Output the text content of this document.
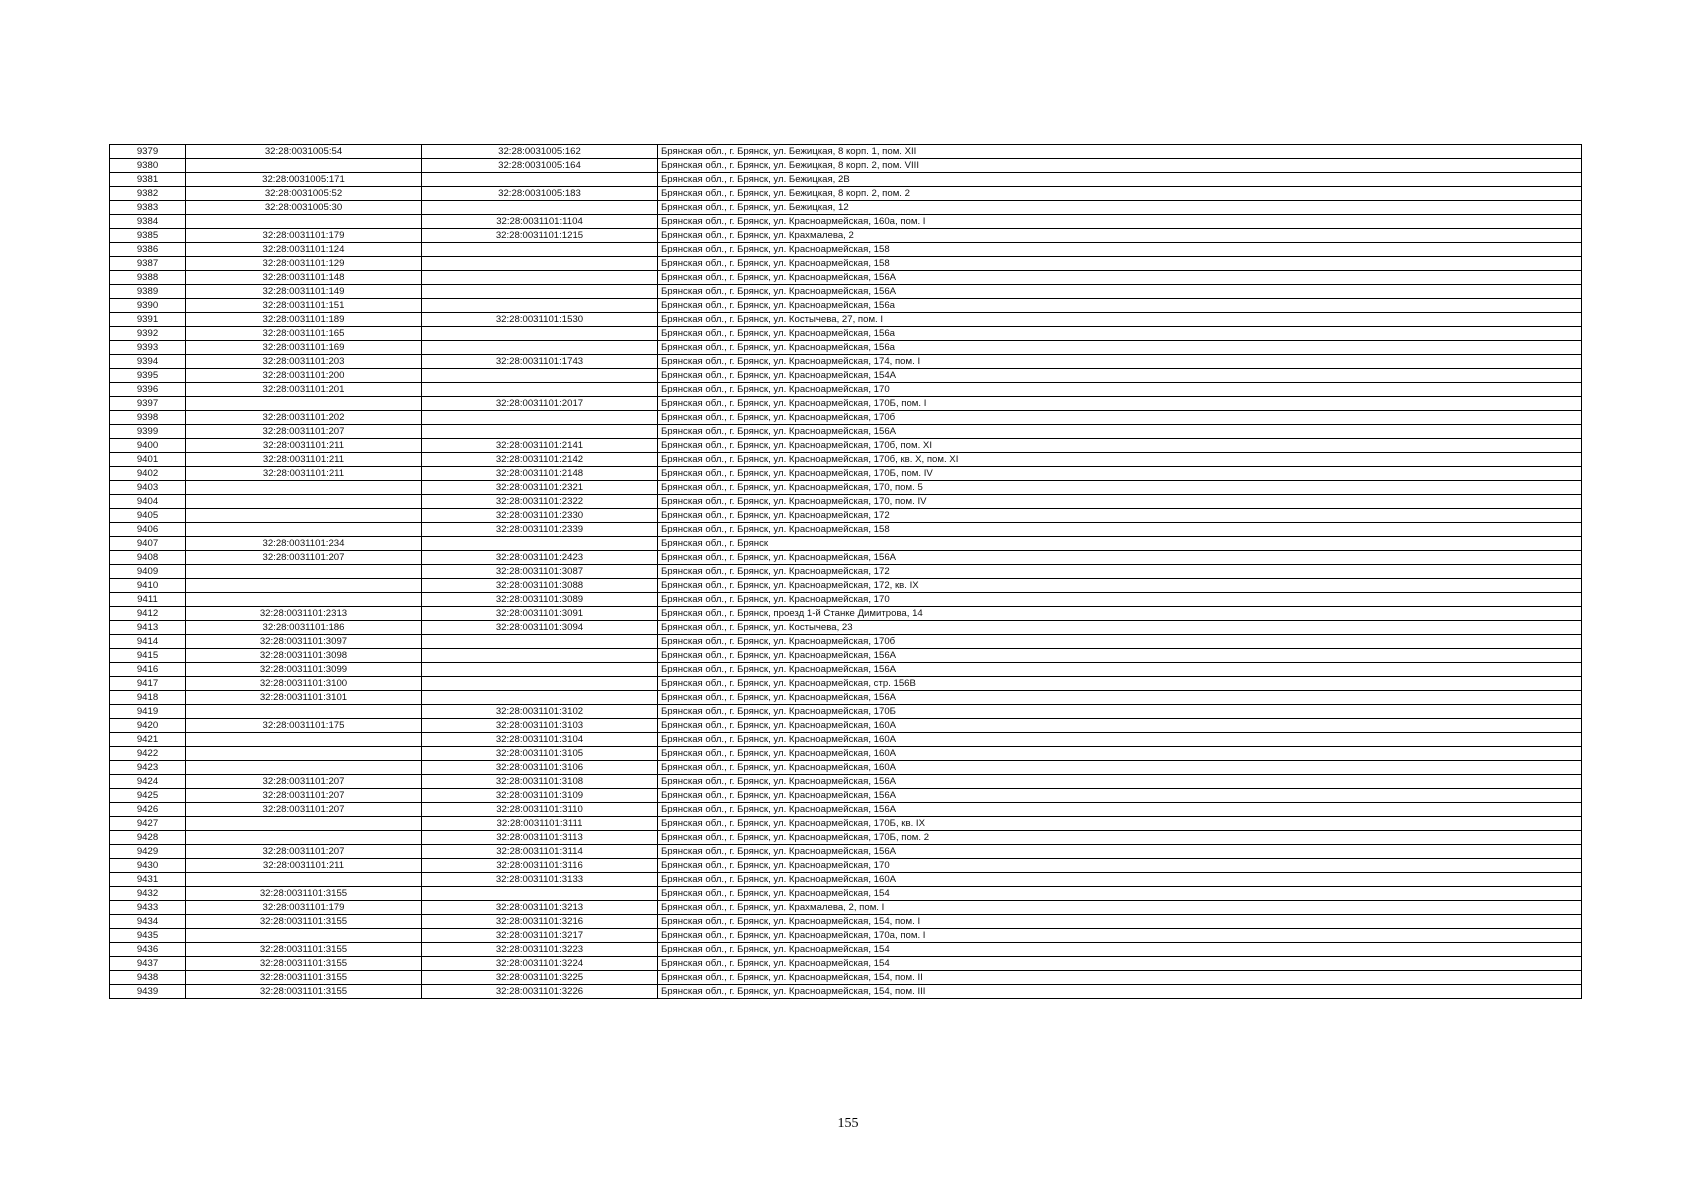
9379	32:28:0031005:54	32:28:0031005:162	Брянская обл., г. Брянск, ул. Бежицкая, 8 корп. 1, пом. XII
9380		32:28:0031005:164	Брянская обл., г. Брянск, ул. Бежицкая, 8 корп. 2, пом. VIII
9381	32:28:0031005:171		Брянская обл., г. Брянск, ул. Бежицкая, 2В
9382	32:28:0031005:52	32:28:0031005:183	Брянская обл., г. Брянск, ул. Бежицкая, 8 корп. 2, пом. 2
9383	32:28:0031005:30		Брянская обл., г. Брянск, ул. Бежицкая, 12
9384		32:28:0031101:1104	Брянская обл., г. Брянск, ул. Красноармейская, 160а, пом. I
9385	32:28:0031101:179	32:28:0031101:1215	Брянская обл., г. Брянск, ул. Крахмалева, 2
9386	32:28:0031101:124		Брянская обл., г. Брянск, ул. Красноармейская, 158
9387	32:28:0031101:129		Брянская обл., г. Брянск, ул. Красноармейская, 158
9388	32:28:0031101:148		Брянская обл., г. Брянск, ул. Красноармейская, 156А
9389	32:28:0031101:149		Брянская обл., г. Брянск, ул. Красноармейская, 156А
9390	32:28:0031101:151		Брянская обл., г. Брянск, ул. Красноармейская, 156а
9391	32:28:0031101:189	32:28:0031101:1530	Брянская обл., г. Брянск, ул. Костычева, 27, пом. I
9392	32:28:0031101:165		Брянская обл., г. Брянск, ул. Красноармейская, 156а
9393	32:28:0031101:169		Брянская обл., г. Брянск, ул. Красноармейская, 156а
9394	32:28:0031101:203	32:28:0031101:1743	Брянская обл., г. Брянск, ул. Красноармейская, 174, пом. I
9395	32:28:0031101:200		Брянская обл., г. Брянск, ул. Красноармейская, 154А
9396	32:28:0031101:201		Брянская обл., г. Брянск, ул. Красноармейская, 170
9397		32:28:0031101:2017	Брянская обл., г. Брянск, ул. Красноармейская, 170Б, пом. I
9398	32:28:0031101:202		Брянская обл., г. Брянск, ул. Красноармейская, 170б
9399	32:28:0031101:207		Брянская обл., г. Брянск, ул. Красноармейская, 156А
9400	32:28:0031101:211	32:28:0031101:2141	Брянская обл., г. Брянск, ул. Красноармейская, 170б, пом. XI
9401	32:28:0031101:211	32:28:0031101:2142	Брянская обл., г. Брянск, ул. Красноармейская, 170б, кв. X, пом. XI
9402	32:28:0031101:211	32:28:0031101:2148	Брянская обл., г. Брянск, ул. Красноармейская, 170Б, пом. IV
9403		32:28:0031101:2321	Брянская обл., г. Брянск, ул. Красноармейская, 170, пом. 5
9404		32:28:0031101:2322	Брянская обл., г. Брянск, ул. Красноармейская, 170, пом. IV
9405		32:28:0031101:2330	Брянская обл., г. Брянск, ул. Красноармейская, 172
9406		32:28:0031101:2339	Брянская обл., г. Брянск, ул. Красноармейская, 158
9407	32:28:0031101:234		Брянская обл., г. Брянск
9408	32:28:0031101:207	32:28:0031101:2423	Брянская обл., г. Брянск, ул. Красноармейская, 156А
9409		32:28:0031101:3087	Брянская обл., г. Брянск, ул. Красноармейская, 172
9410		32:28:0031101:3088	Брянская обл., г. Брянск, ул. Красноармейская, 172, кв. IX
9411		32:28:0031101:3089	Брянская обл., г. Брянск, ул. Красноармейская, 170
9412	32:28:0031101:2313	32:28:0031101:3091	Брянская обл., г. Брянск, проезд 1-й Станке Димитрова, 14
9413	32:28:0031101:186	32:28:0031101:3094	Брянская обл., г. Брянск, ул. Костычева, 23
9414	32:28:0031101:3097		Брянская обл., г. Брянск, ул. Красноармейская, 170б
9415	32:28:0031101:3098		Брянская обл., г. Брянск, ул. Красноармейская, 156А
9416	32:28:0031101:3099		Брянская обл., г. Брянск, ул. Красноармейская, 156А
9417	32:28:0031101:3100		Брянская обл., г. Брянск, ул. Красноармейская, стр. 156В
9418	32:28:0031101:3101		Брянская обл., г. Брянск, ул. Красноармейская, 156А
9419		32:28:0031101:3102	Брянская обл., г. Брянск, ул. Красноармейская, 170Б
9420	32:28:0031101:175	32:28:0031101:3103	Брянская обл., г. Брянск, ул. Красноармейская, 160А
9421		32:28:0031101:3104	Брянская обл., г. Брянск, ул. Красноармейская, 160А
9422		32:28:0031101:3105	Брянская обл., г. Брянск, ул. Красноармейская, 160А
9423		32:28:0031101:3106	Брянская обл., г. Брянск, ул. Красноармейская, 160А
9424	32:28:0031101:207	32:28:0031101:3108	Брянская обл., г. Брянск, ул. Красноармейская, 156А
9425	32:28:0031101:207	32:28:0031101:3109	Брянская обл., г. Брянск, ул. Красноармейская, 156А
9426	32:28:0031101:207	32:28:0031101:3110	Брянская обл., г. Брянск, ул. Красноармейская, 156А
9427		32:28:0031101:3111	Брянская обл., г. Брянск, ул. Красноармейская, 170Б, кв. IX
9428		32:28:0031101:3113	Брянская обл., г. Брянск, ул. Красноармейская, 170Б, пом. 2
9429	32:28:0031101:207	32:28:0031101:3114	Брянская обл., г. Брянск, ул. Красноармейская, 156А
9430	32:28:0031101:211	32:28:0031101:3116	Брянская обл., г. Брянск, ул. Красноармейская, 170
9431		32:28:0031101:3133	Брянская обл., г. Брянск, ул. Красноармейская, 160А
9432	32:28:0031101:3155		Брянская обл., г. Брянск, ул. Красноармейская, 154
9433	32:28:0031101:179	32:28:0031101:3213	Брянская обл., г. Брянск, ул. Крахмалева, 2, пом. I
9434	32:28:0031101:3155	32:28:0031101:3216	Брянская обл., г. Брянск, ул. Красноармейская, 154, пом. I
9435		32:28:0031101:3217	Брянская обл., г. Брянск, ул. Красноармейская, 170а, пом. I
9436	32:28:0031101:3155	32:28:0031101:3223	Брянская обл., г. Брянск, ул. Красноармейская, 154
9437	32:28:0031101:3155	32:28:0031101:3224	Брянская обл., г. Брянск, ул. Красноармейская, 154
9438	32:28:0031101:3155	32:28:0031101:3225	Брянская обл., г. Брянск, ул. Красноармейская, 154, пом. II
9439	32:28:0031101:3155	32:28:0031101:3226	Брянская обл., г. Брянск, ул. Красноармейская, 154, пом. III
155
